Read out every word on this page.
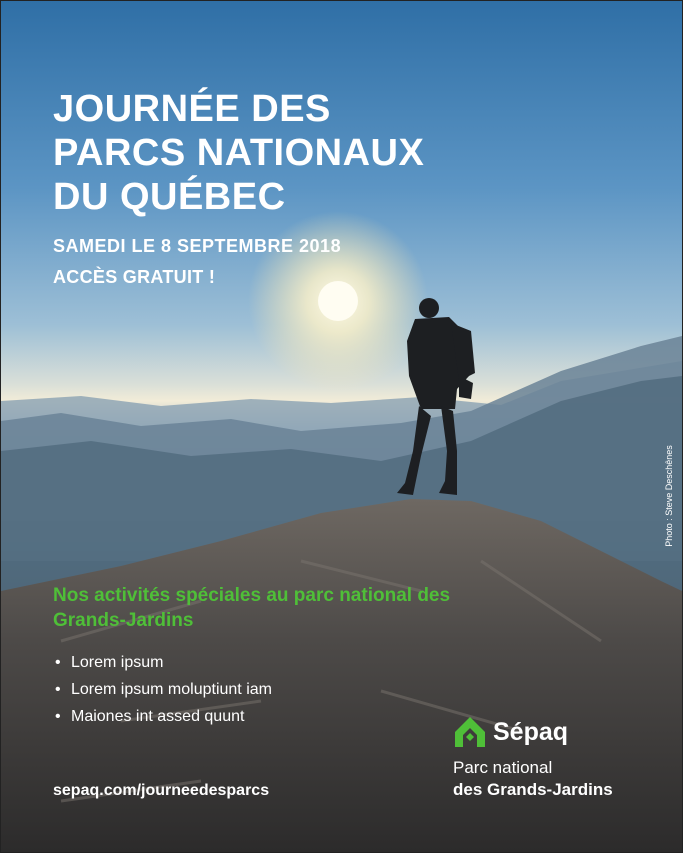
JOURNÉE DES
PARCS NATIONAUX
DU QUÉBEC
SAMEDI LE 8 SEPTEMBRE 2018
ACCÈS GRATUIT !
Photo : Steve Deschênes
Nos activités spéciales au parc national des Grands-Jardins
• Lorem ipsum
• Lorem ipsum moluptiunt iam
• Maiones int assed quunt
sepaq.com/journeedesparcs
Sépaq
Parc national
des Grands-Jardins
